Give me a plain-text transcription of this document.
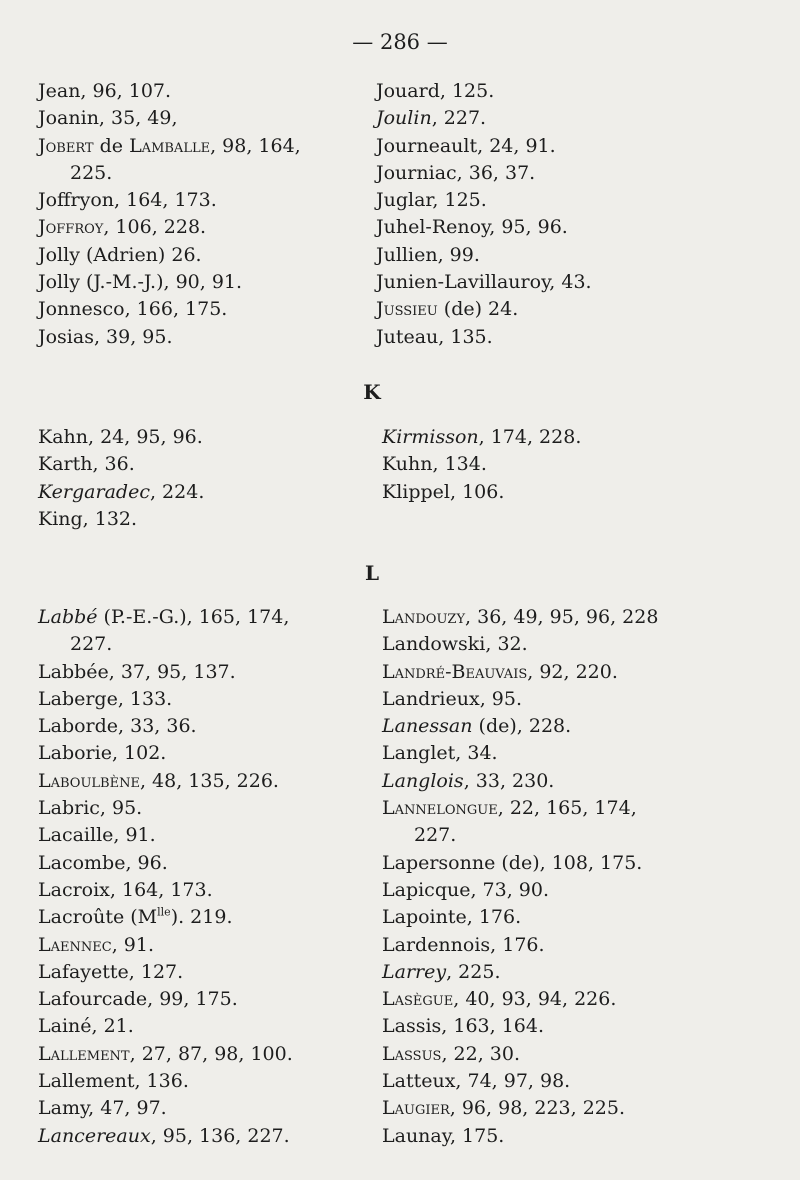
— 286 —
Jean, 96, 107.
Joanin, 35, 49,
Jobert de Lamballe, 98, 164,
225.
Joffryon, 164, 173.
Joffroy, 106, 228.
Jolly (Adrien) 26.
Jolly (J.-M.-J.), 90, 91.
Jonnesco, 166, 175.
Josias, 39, 95.
Jouard, 125.
Joulin, 227.
Journeault, 24, 91.
Journiac, 36, 37.
Juglar, 125.
Juhel-Renoy, 95, 96.
Jullien, 99.
Junien-Lavillauroy, 43.
Jussieu (de) 24.
Juteau, 135.
K
Kahn, 24, 95, 96.
Karth, 36.
Kergaradec, 224.
King, 132.
Kirmisson, 174, 228.
Kuhn, 134.
Klippel, 106.
L
Labbé (P.-E.-G.), 165, 174,
227.
Labbée, 37, 95, 137.
Laberge, 133.
Laborde, 33, 36.
Laborie, 102.
Laboulbène, 48, 135, 226.
Labric, 95.
Lacaille, 91.
Lacombe, 96.
Lacroix, 164, 173.
Lacroûte $(M^{lle})$. 219.
Laennec, 91.
Lafayette, 127.
Lafourcade, 99, 175.
Lainé, 21.
Lallement, 27, 87, 98, 100.
Lallement, 136.
Lamy, 47, 97.
Lancereaux, 95, 136, 227.
Landouzy, 36, 49, 95, 96, 228
Landowski, 32.
Landré-Beauvais, 92, 220.
Landrieux, 95.
Lanessan (de), 228.
Langlet, 34.
Langlois, 33, 230.
Lannelongue, 22, 165, 174,
227.
Lapersonne (de), 108, 175.
Lapicque, 73, 90.
Lapointe, 176.
Lardennois, 176.
Larrey, 225.
Lasègue, 40, 93, 94, 226.
Lassis, 163, 164.
Lassus, 22, 30.
Latteux, 74, 97, 98.
Laugier, 96, 98, 223, 225.
Launay, 175.
